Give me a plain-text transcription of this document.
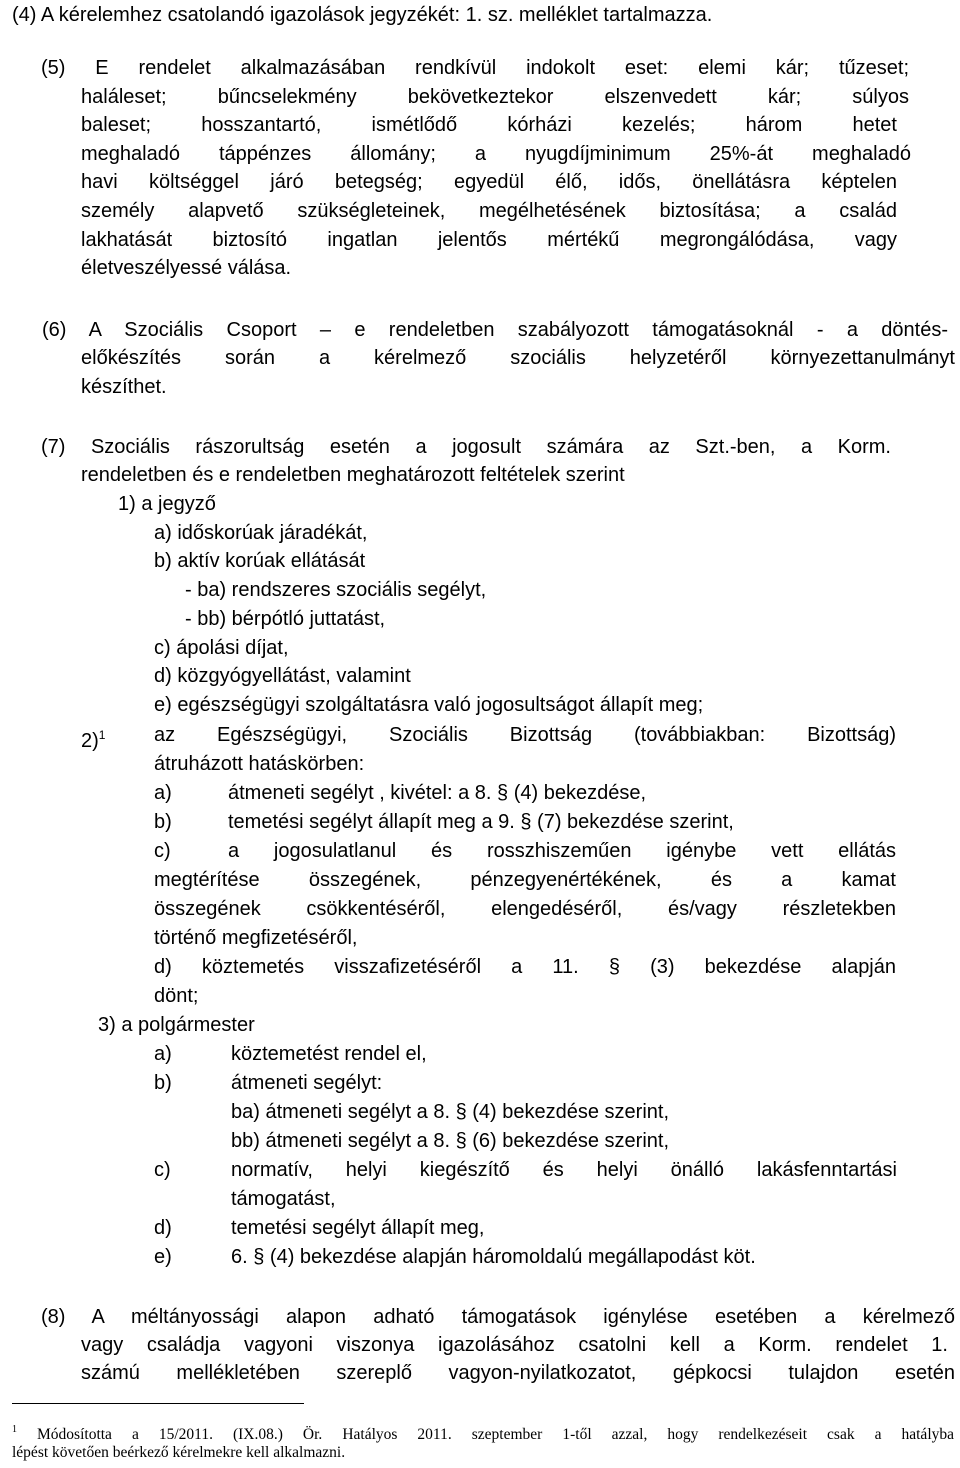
(4) A kérelemhez csatolandó igazolások jegyzékét: 1. sz. melléklet tartalmazza.
(5) E rendelet alkalmazásában rendkívül indokolt eset: elemi kár; tűzeset;
haláleset; bűncselekmény bekövetkeztekor elszenvedett kár; súlyos
baleset; hosszantartó, ismétlődő kórházi kezelés; három hetet
meghaladó táppénzes állomány; a nyugdíjminimum 25%-át meghaladó
havi költséggel járó betegség; egyedül élő, idős, önellátásra képtelen
személy alapvető szükségleteinek, megélhetésének biztosítása; a család
lakhatását biztosító ingatlan jelentős mértékű megrongálódása, vagy
életveszélyessé válása.
(6) A Szociális Csoport – e rendeletben szabályozott támogatásoknál - a döntés-
előkészítés során a kérelmező szociális helyzetéről környezettanulmányt
készíthet.
(7) Szociális rászorultság esetén a jogosult számára az Szt.-ben, a Korm.
rendeletben és e rendeletben meghatározott feltételek szerint
1) a jegyző
a) időskorúak járadékát,
b) aktív korúak ellátását
- ba) rendszeres szociális segélyt,
- bb) bérpótló juttatást,
c) ápolási díjat,
d) közgyógyellátást, valamint
e) egészségügyi szolgáltatásra való jogosultságot állapít meg;
2)$^1$ az Egészségügyi, Szociális Bizottság (továbbiakban: Bizottság)
átruházott hatáskörben:
a)	átmeneti segélyt , kivétel: a 8. § (4) bekezdése,
b)	temetési segélyt állapít meg a 9. § (7) bekezdése szerint,
c)	a jogosulatlanul és rosszhiszeműen igénybe vett ellátás
megtérítése összegének, pénzegyenértékének, és a kamat
összegének csökkentéséről, elengedéséről, és/vagy részletekben
történő megfizetéséről,
d) köztemetés visszafizetéséről a 11. § (3) bekezdése alapján
dönt;
3) a polgármester
a)	köztemetést rendel el,
b)	átmeneti segélyt:
ba) átmeneti segélyt a 8. § (4) bekezdése szerint,
bb) átmeneti segélyt a 8. § (6) bekezdése szerint,
c)	normatív, helyi kiegészítő és helyi önálló lakásfenntartási
támogatást,
d)	temetési segélyt állapít meg,
e)	6. § (4) bekezdése alapján háromoldalú megállapodást köt.
(8) A méltányossági alapon adható támogatások igénylése esetében a kérelmező
vagy családja vagyoni viszonya igazolásához csatolni kell a Korm. rendelet 1.
számú mellékletében szereplő vagyon-nyilatkozatot, gépkocsi tulajdon esetén
$^1$ Módosította a 15/2011. (IX.08.) Ör. Hatályos 2011. szeptember 1-től azzal, hogy rendelkezéseit csak a hatályba
lépést követően beérkező kérelmekre kell alkalmazni.
